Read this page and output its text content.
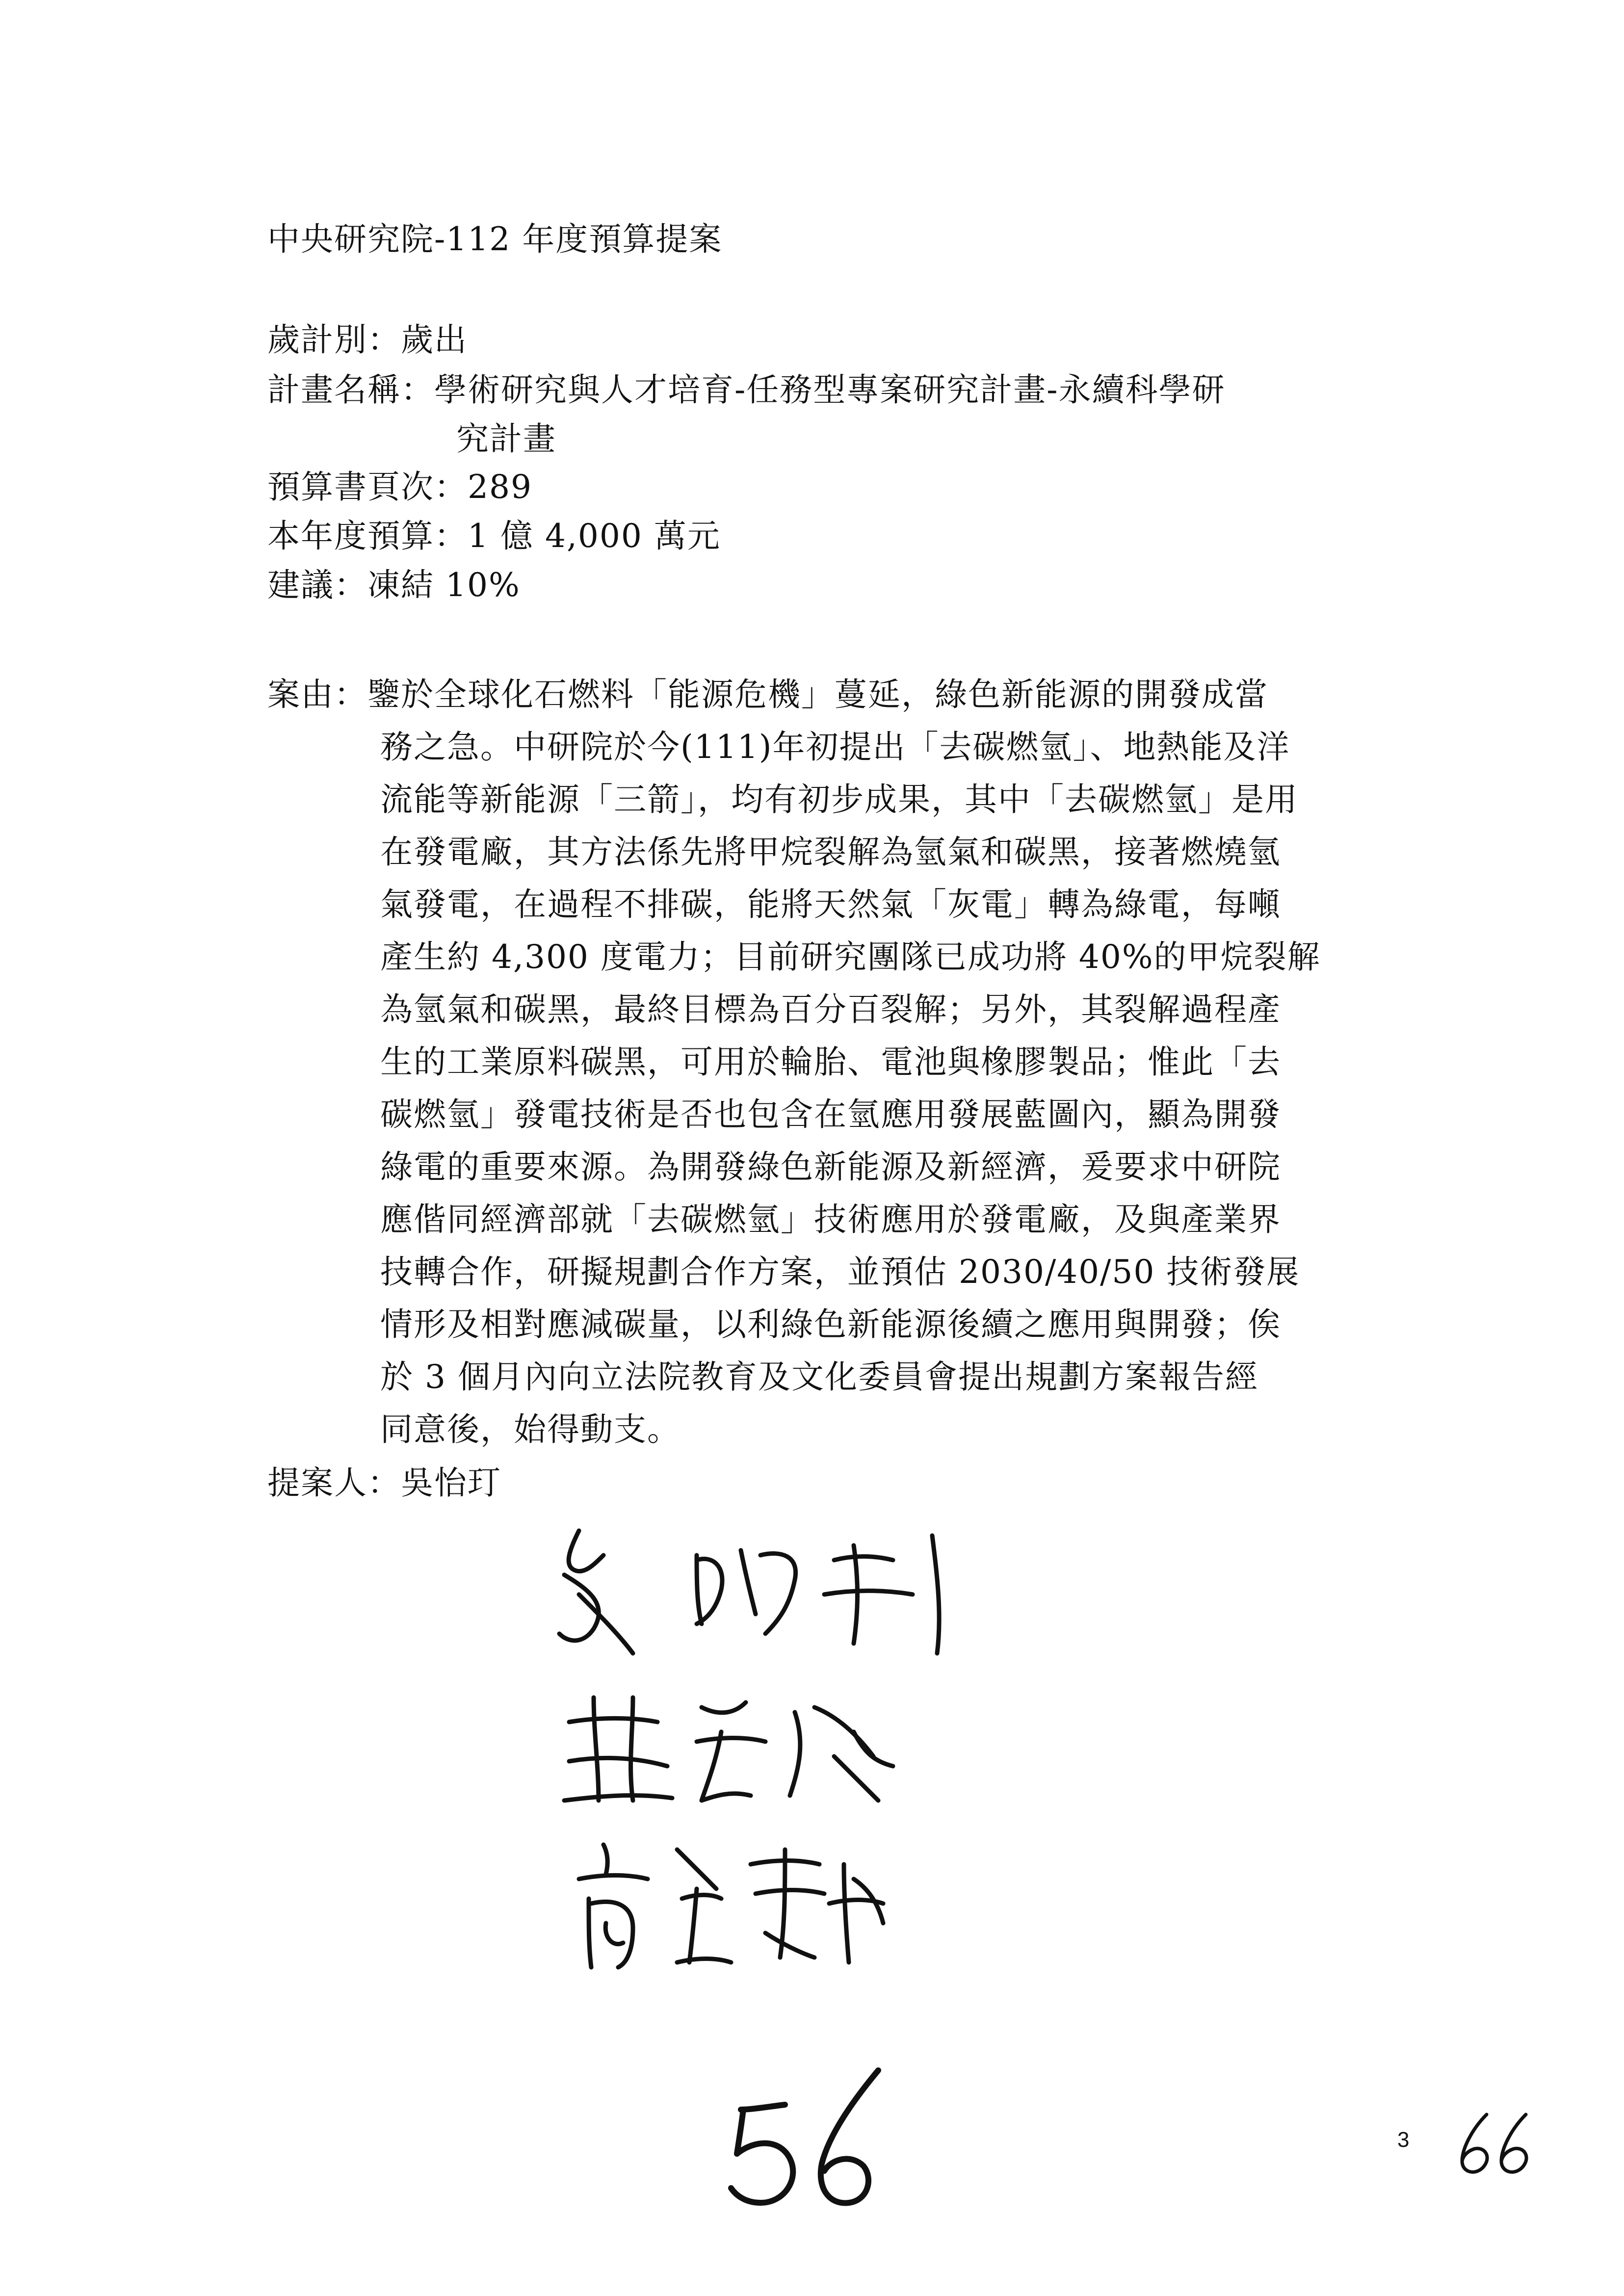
中央研究院-112 年度預算提案
歲計別：歲出
計畫名稱：學術研究與人才培育-任務型專案研究計畫-永續科學研
究計畫
預算書頁次：289
本年度預算：1 億 4,000 萬元
建議：凍結 10%
案由：鑒於全球化石燃料「能源危機」蔓延，綠色新能源的開發成當
務之急。中研院於今(111)年初提出「去碳燃氫」、地熱能及洋
流能等新能源「三箭」，均有初步成果，其中「去碳燃氫」是用
在發電廠，其方法係先將甲烷裂解為氫氣和碳黑，接著燃燒氫
氣發電，在過程不排碳，能將天然氣「灰電」轉為綠電，每噸
產生約 4,300 度電力；目前研究團隊已成功將 40%的甲烷裂解
為氫氣和碳黑，最終目標為百分百裂解；另外，其裂解過程產
生的工業原料碳黑，可用於輪胎、電池與橡膠製品；惟此「去
碳燃氫」發電技術是否也包含在氫應用發展藍圖內，顯為開發
綠電的重要來源。為開發綠色新能源及新經濟，爰要求中研院
應偕同經濟部就「去碳燃氫」技術應用於發電廠，及與產業界
技轉合作，研擬規劃合作方案，並預估 2030/40/50 技術發展
情形及相對應減碳量，以利綠色新能源後續之應用與開發；俟
於 3 個月內向立法院教育及文化委員會提出規劃方案報告經
同意後，始得動支。
提案人：吳怡玎
3
